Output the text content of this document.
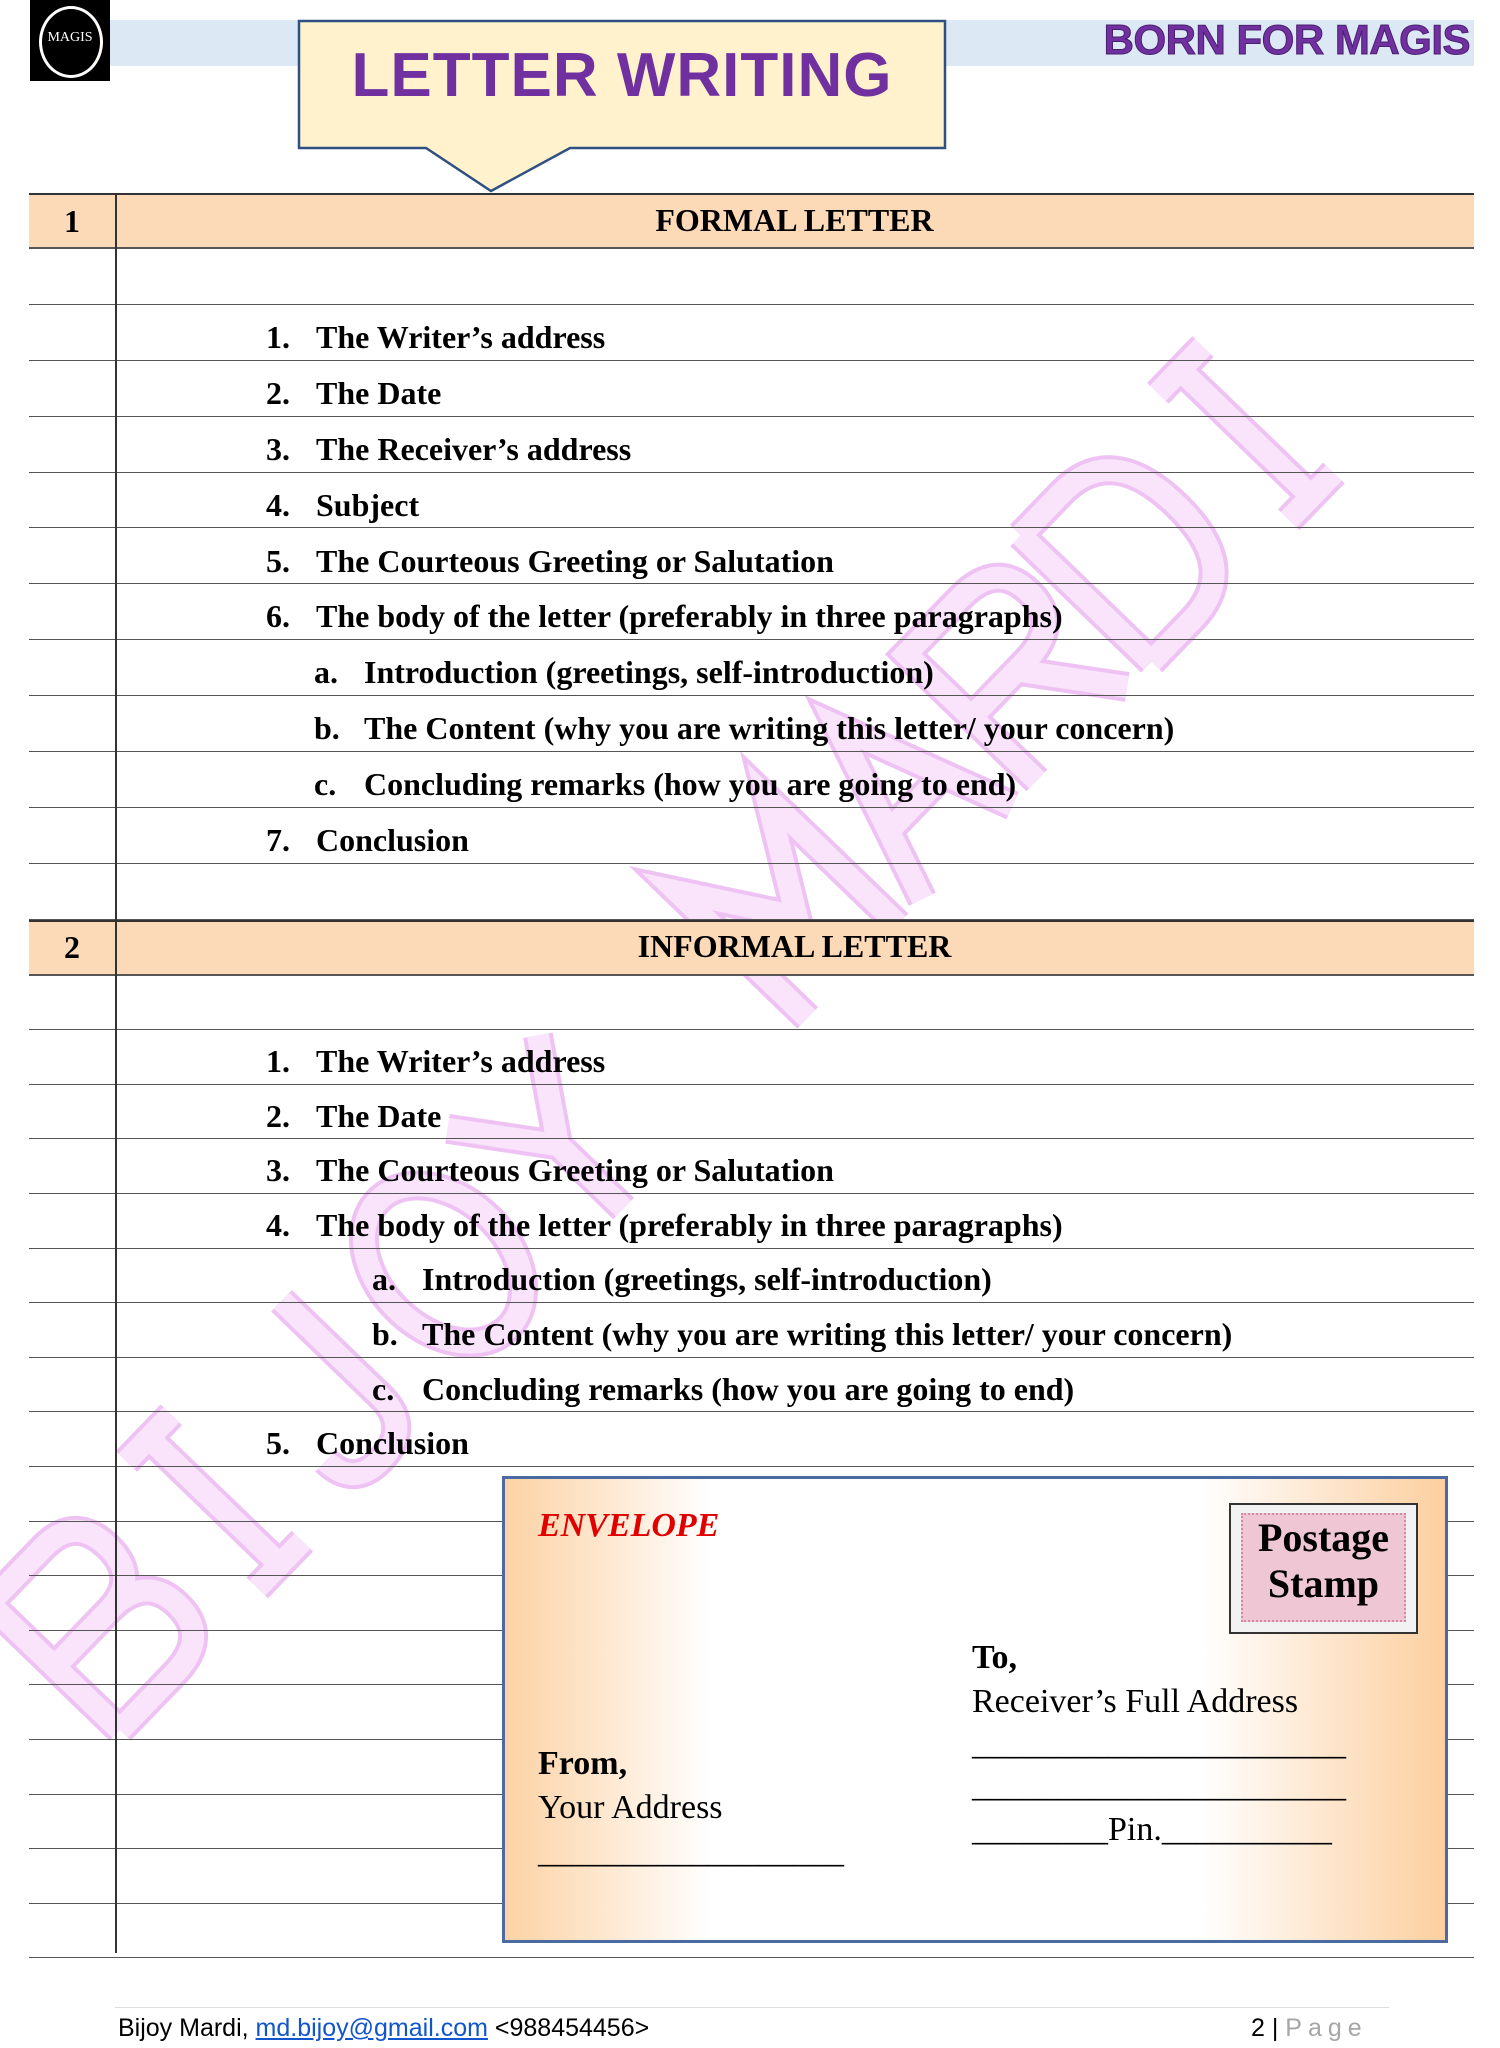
MAGIS	BORN FOR MAGIS
LETTER WRITING
1	FORMAL LETTER
1. The Writer’s address
2. The Date
3. The Receiver’s address
4. Subject
5. The Courteous Greeting or Salutation
6. The body of the letter (preferably in three paragraphs)
a. Introduction (greetings, self-introduction)
b. The Content (why you are writing this letter/ your concern)
c. Concluding remarks (how you are going to end)
7. Conclusion
2	INFORMAL LETTER
1. The Writer’s address
2. The Date
3. The Courteous Greeting or Salutation
4. The body of the letter (preferably in three paragraphs)
a. Introduction (greetings, self-introduction)
b. The Content (why you are writing this letter/ your concern)
c. Concluding remarks (how you are going to end)
5. Conclusion
ENVELOPE	Postage
Stamp
To,
Receiver’s Full Address
______________________
______________________
________Pin.__________
From,
Your Address
__________________
Bijoy Mardi, md.bijoy@gmail.com <988454456>	2 | Page
